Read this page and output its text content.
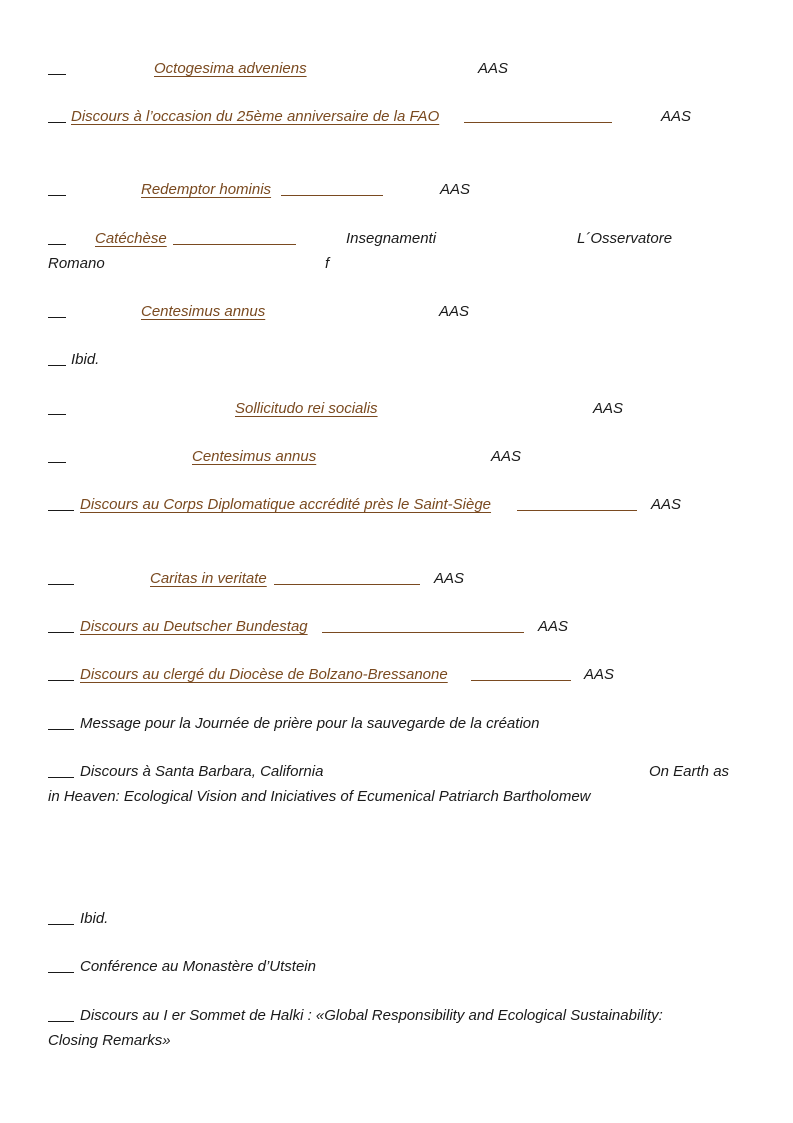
Octogesima adveniens	AAS
Discours à l’occasion du 25ème anniversaire de la FAO	AAS
Redemptor hominis	AAS
Catéchèse	Insegnamenti	L´Osservatore
Romano	f
Centesimus annus	AAS
Ibid.
Sollicitudo rei socialis	AAS
Centesimus annus	AAS
Discours au Corps Diplomatique accrédité près le Saint-Siège	AAS
Caritas in veritate	AAS
Discours au Deutscher Bundestag	AAS
Discours au clergé du Diocèse de Bolzano-Bressanone	AAS
Message pour la Journée de prière pour la sauvegarde de la création
Discours à Santa Barbara, California	On Earth as
in Heaven: Ecological Vision and Iniciatives of Ecumenical Patriarch Bartholomew
Ibid.
Conférence au Monastère d’Utstein
Discours au I er Sommet de Halki : «Global Responsibility and Ecological Sustainability:
Closing Remarks»
